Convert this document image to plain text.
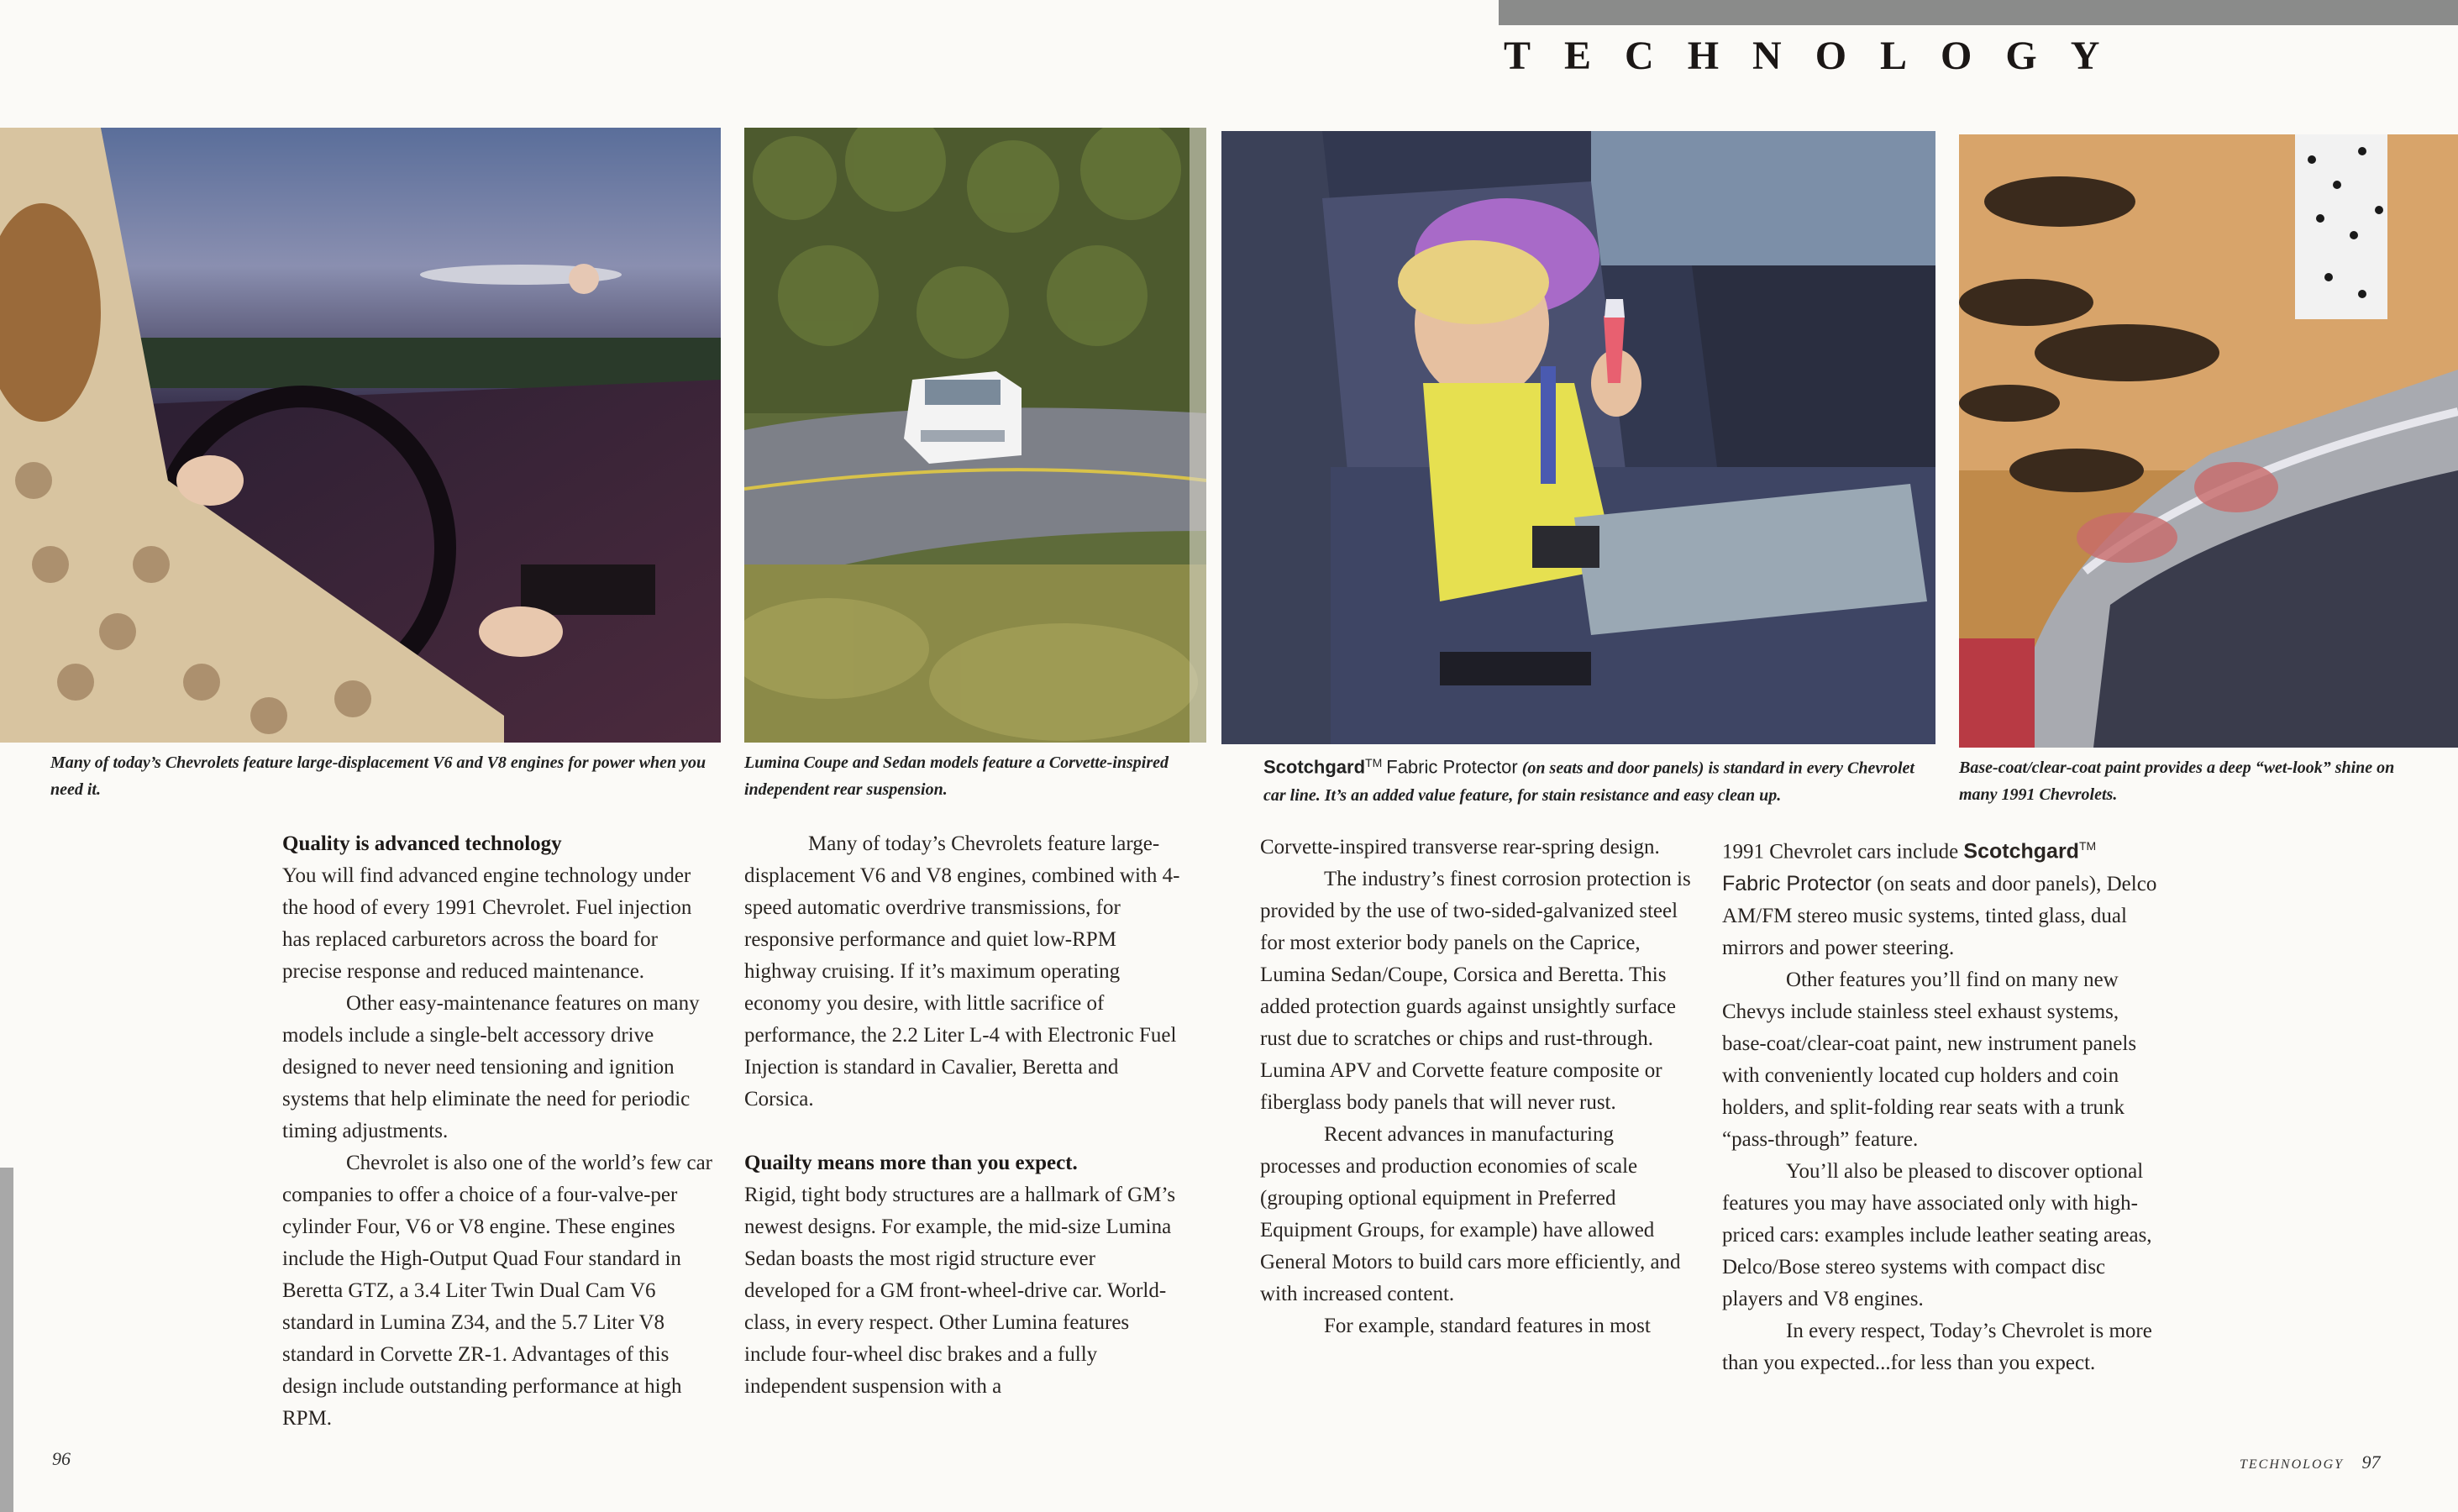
TECHNOLOGY
Many of today’s Chevrolets feature large-displacement V6 and V8 engines for power when you need it.
Lumina Coupe and Sedan models feature a Corvette-inspired independent rear suspension.
Scotchgard™ Fabric Protector (on seats and door panels) is standard in every Chevrolet car line. It’s an added value feature, for stain resistance and easy clean up.
Base-coat/clear-coat paint provides a deep “wet-look” shine on many 1991 Chevrolets.
Quality is advanced technology

You will find advanced engine technology under the hood of every 1991 Chevrolet. Fuel injection has replaced carburetors across the board for precise response and reduced maintenance.

Other easy-maintenance features on many models include a single-belt accessory drive designed to never need tensioning and ignition systems that help eliminate the need for periodic timing adjustments.

Chevrolet is also one of the world’s few car companies to offer a choice of a four-valve-per cylinder Four, V6 or V8 engine. These engines include the High-Output Quad Four standard in Beretta GTZ, a 3.4 Liter Twin Dual Cam V6 standard in Lumina Z34, and the 5.7 Liter V8 standard in Corvette ZR-1. Advantages of this design include outstanding performance at high RPM.

Many of today’s Chevrolets feature large-displacement V6 and V8 engines, combined with 4-speed automatic overdrive transmissions, for responsive performance and quiet low-RPM highway cruising. If it’s maximum operating economy you desire, with little sacrifice of performance, the 2.2 Liter L-4 with Electronic Fuel Injection is standard in Cavalier, Beretta and Corsica.

Quailty means more than you expect.

Rigid, tight body structures are a hallmark of GM’s newest designs. For example, the mid-size Lumina Sedan boasts the most rigid structure ever developed for a GM front-wheel-drive car. World-class, in every respect. Other Lumina features include four-wheel disc brakes and a fully independent suspension with a

Corvette-inspired transverse rear-spring design.

The industry’s finest corrosion protection is provided by the use of two-sided-galvanized steel for most exterior body panels on the Caprice, Lumina Sedan/Coupe, Corsica and Beretta. This added protection guards against unsightly surface rust due to scratches or chips and rust-through. Lumina APV and Corvette feature composite or fiberglass body panels that will never rust.

Recent advances in manufacturing processes and production economies of scale (grouping optional equipment in Preferred Equipment Groups, for example) have allowed General Motors to build cars more efficiently, and with increased content.

For example, standard features in most

1991 Chevrolet cars include Scotchgard™ Fabric Protector (on seats and door panels), Delco AM/FM stereo music systems, tinted glass, dual mirrors and power steering.

Other features you’ll find on many new Chevys include stainless steel exhaust systems, base-coat/clear-coat paint, new instrument panels with conveniently located cup holders and coin holders, and split-folding rear seats with a trunk “pass-through” feature.

You’ll also be pleased to discover optional features you may have associated only with high-priced cars: examples include leather seating areas, Delco/Bose stereo systems with compact disc players and V8 engines.

In every respect, Today’s Chevrolet is more than you expected...for less than you expect.

96	TECHNOLOGY 97
